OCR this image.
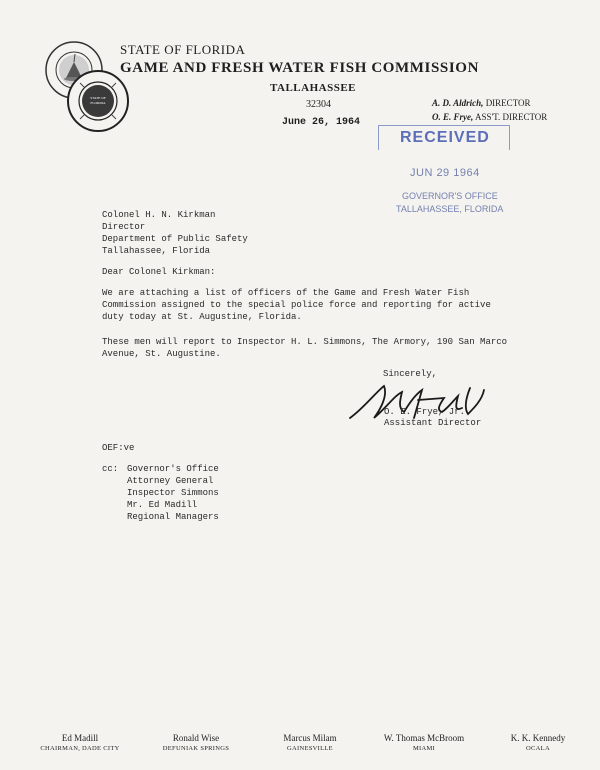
STATE OF FLORIDA
STATE OF FLORIDA
GAME AND FRESH WATER FISH COMMISSION
TALLAHASSEE
32304	A. D. Aldrich, DIRECTOR
O. E. Frye, ASS'T. DIRECTOR
June 26, 1964
RECEIVED
JUN 29 1964
GOVERNOR'S OFFICE
TALLAHASSEE, FLORIDA
Colonel H. N. Kirkman
Director
Department of Public Safety
Tallahassee, Florida
Dear Colonel Kirkman:
We are attaching a list of officers of the Game and Fresh Water Fish Commission assigned to the special police force and reporting for active duty today at St. Augustine, Florida.
These men will report to Inspector H. L. Simmons, The Armory, 190 San Marco Avenue, St. Augustine.
Sincerely,
O. E. Frye, Jr.
Assistant Director
OEF:ve
cc: Governor's Office
Attorney General
Inspector Simmons
Mr. Ed Madill
Regional Managers
Ed Madill
CHAIRMAN, DADE CITY
Ronald Wise
DEFUNIAK SPRINGS
Marcus Milam
GAINESVILLE
W. Thomas McBroom
MIAMI
K. K. Kennedy
OCALA
